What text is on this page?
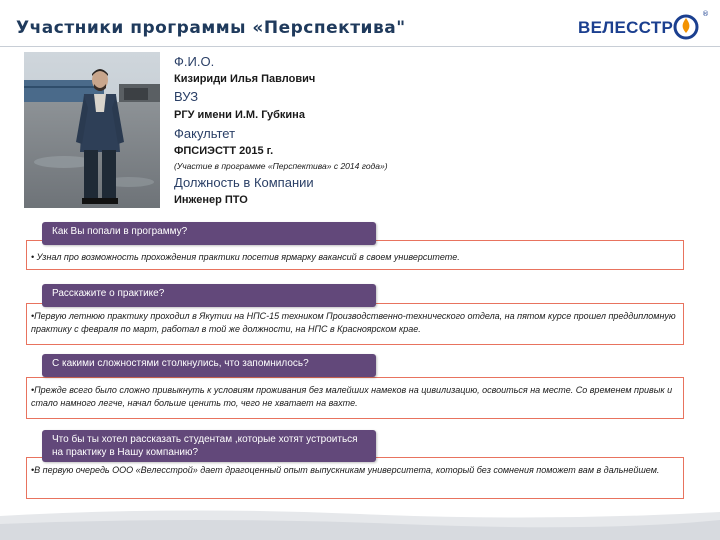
Участники программы «Перспектива"	ВЕЛЕССТР
®
Ф.И.О.
Кизириди Илья Павлович
ВУЗ
РГУ имени И.М. Губкина
Факультет
ФПСИЭСТТ 2015 г.
(Участие в программе «Перспектива» с 2014 года»)
Должность в Компании
Инженер ПТО
• Узнал про возможность прохождения практики посетив ярмарку вакансий в своем университете.
Как Вы попали в программу?
•Первую летнюю практику проходил в Якутии на НПС-15 техником Производственно-технического отдела, на пятом курсе прошел преддипломную практику с февраля по март, работал в той же должности, на НПС в Красноярском крае.
Расскажите о практике?
•Прежде всего было сложно привыкнуть к условиям проживания без малейших намеков на цивилизацию, освоиться на месте. Со временем привык и стало намного легче, начал больше ценить то, чего не хватает на вахте.
С какими сложностями столкнулись, что запомнилось?
•В первую очередь ООО «Велесстрой» дает драгоценный опыт выпускникам университета, который без сомнения поможет вам в дальнейшем.
Что бы ты хотел рассказать студентам ,которые хотят устроиться на практику в Нашу компанию?
